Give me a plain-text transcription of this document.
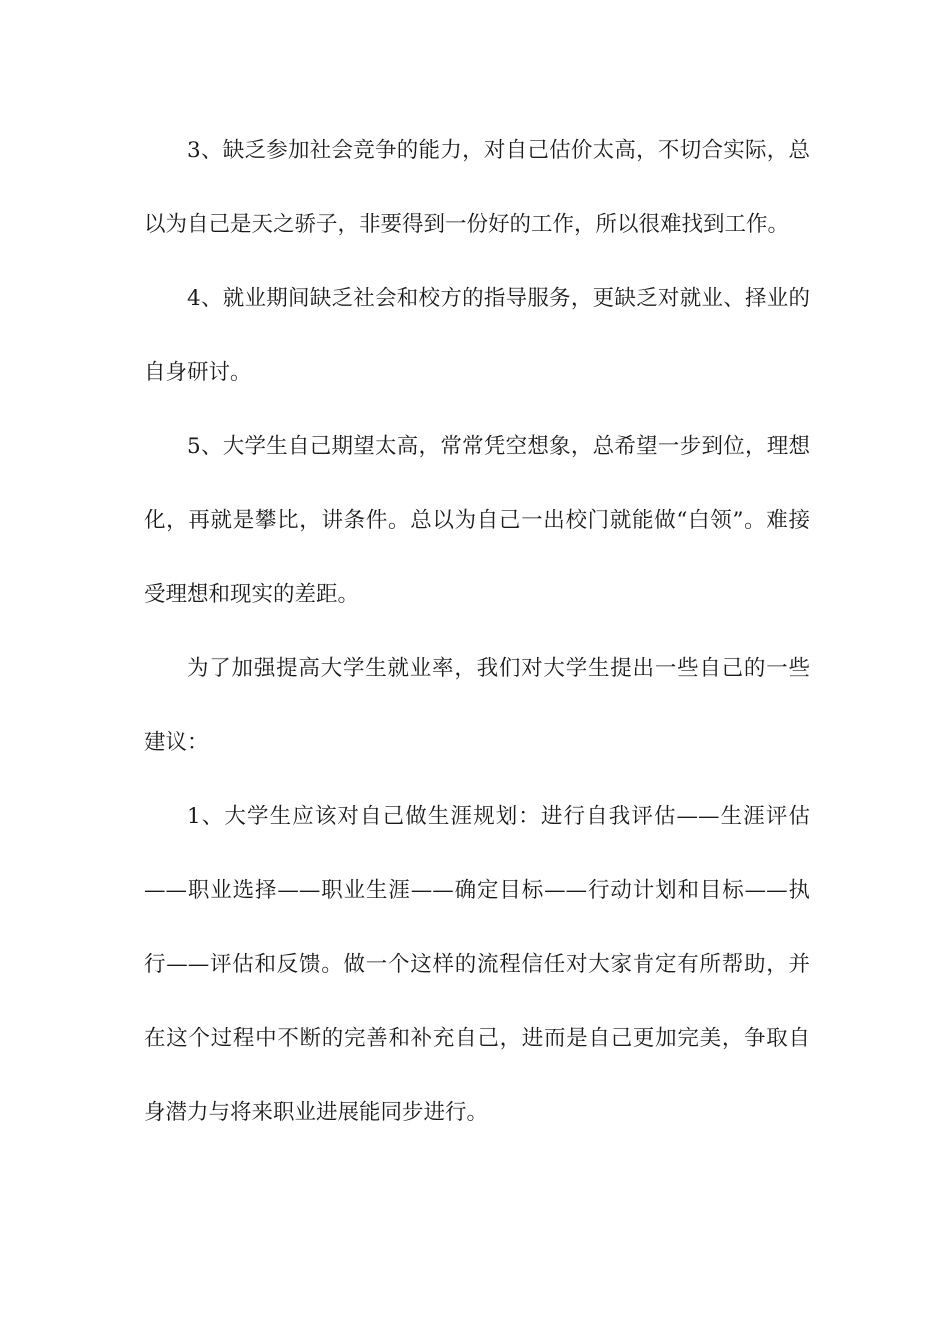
3、缺乏参加社会竞争的能力，对自己估价太高，不切合实际，总以为自己是天之骄子，非要得到一份好的工作，所以很难找到工作。

4、就业期间缺乏社会和校方的指导服务，更缺乏对就业、择业的自身研讨。

5、大学生自己期望太高，常常凭空想象，总希望一步到位，理想化，再就是攀比，讲条件。总以为自己一出校门就能做“白领”。难接受理想和现实的差距。

为了加强提高大学生就业率，我们对大学生提出一些自己的一些建议：

1、大学生应该对自己做生涯规划：进行自我评估——生涯评估——职业选择——职业生涯——确定目标——行动计划和目标——执行——评估和反馈。做一个这样的流程信任对大家肯定有所帮助，并在这个过程中不断的完善和补充自己，进而是自己更加完美，争取自身潜力与将来职业进展能同步进行。
